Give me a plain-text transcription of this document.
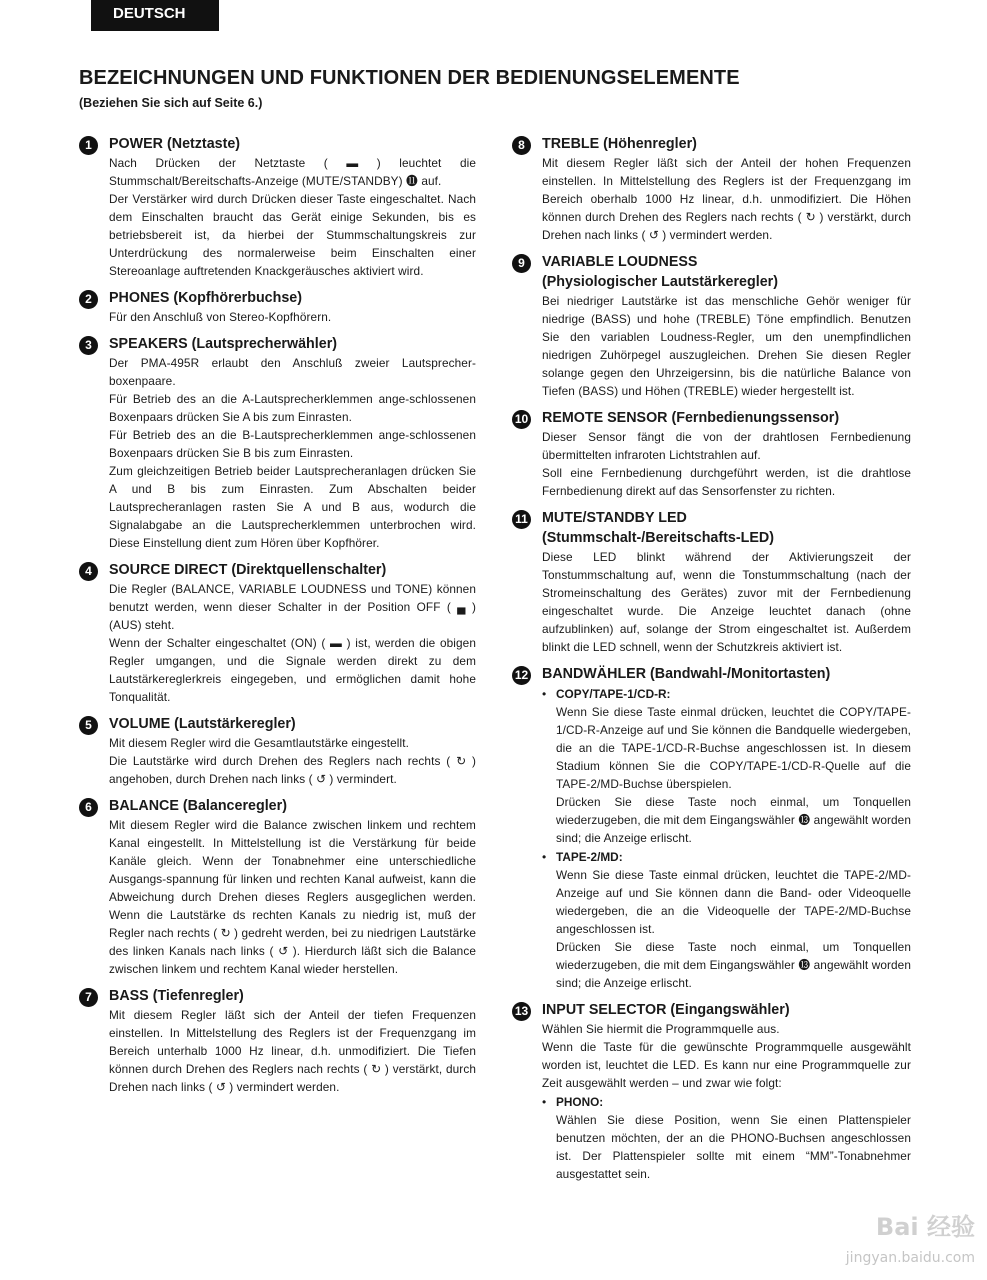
DEUTSCH
BEZEICHNUNGEN UND FUNKTIONEN DER BEDIENUNGSELEMENTE

(Beziehen Sie sich auf Seite 6.)

1	POWER (Netztaste)

Nach Drücken der Netztaste ( ▬ ) leuchtet die Stummschalt/Bereitschafts-Anzeige (MUTE/STANDBY) ⓫ auf.

Der Verstärker wird durch Drücken dieser Taste eingeschaltet. Nach dem Einschalten braucht das Gerät einige Sekunden, bis es betriebsbereit ist, da hierbei der Stummschaltungskreis zur Unterdrückung des normalerweise beim Einschalten einer Stereoanlage auftretenden Knackgeräusches aktiviert wird.

2	PHONES (Kopfhörerbuchse)

Für den Anschluß von Stereo-Kopfhörern.

3	SPEAKERS (Lautsprecherwähler)

Der PMA-495R erlaubt den Anschluß zweier Lautsprecher-boxenpaare.

Für Betrieb des an die A-Lautsprecherklemmen ange-schlossenen Boxenpaars drücken Sie A bis zum Einrasten.

Für Betrieb des an die B-Lautsprecherklemmen ange-schlossenen Boxenpaars drücken Sie B bis zum Einrasten.

Zum gleichzeitigen Betrieb beider Lautsprecheranlagen drücken Sie A und B bis zum Einrasten. Zum Abschalten beider Lautsprecheranlagen rasten Sie A und B aus, wodurch die Signalabgabe an die Lautsprecherklemmen unterbrochen wird. Diese Einstellung dient zum Hören über Kopfhörer.

4	SOURCE DIRECT (Direktquellenschalter)

Die Regler (BALANCE, VARIABLE LOUDNESS und TONE) können benutzt werden, wenn dieser Schalter in der Position OFF ( ▄ ) (AUS) steht.

Wenn der Schalter eingeschaltet (ON) ( ▬ ) ist, werden die obigen Regler umgangen, und die Signale werden direkt zu dem Lautstärkereglerkreis eingegeben, und ermöglichen damit hohe Tonqualität.

5	VOLUME (Lautstärkeregler)

Mit diesem Regler wird die Gesamtlautstärke eingestellt.

Die Lautstärke wird durch Drehen des Reglers nach rechts ( ↻ ) angehoben, durch Drehen nach links ( ↺ ) vermindert.

6	BALANCE (Balanceregler)

Mit diesem Regler wird die Balance zwischen linkem und rechtem Kanal eingestellt. In Mittelstellung ist die Verstärkung für beide Kanäle gleich. Wenn der Tonabnehmer eine unterschiedliche Ausgangs-spannung für linken und rechten Kanal aufweist, kann die Abweichung durch Drehen dieses Reglers ausgeglichen werden. Wenn die Lautstärke ds rechten Kanals zu niedrig ist, muß der Regler nach rechts ( ↻ ) gedreht werden, bei zu niedrigen Lautstärke des linken Kanals nach links ( ↺ ). Hierdurch läßt sich die Balance zwischen linkem und rechtem Kanal wieder herstellen.

7	BASS (Tiefenregler)

Mit diesem Regler läßt sich der Anteil der tiefen Frequenzen einstellen. In Mittelstellung des Reglers ist der Frequenzgang im Bereich unterhalb 1000 Hz linear, d.h. unmodifiziert. Die Tiefen können durch Drehen des Reglers nach rechts ( ↻ ) verstärkt, durch Drehen nach links ( ↺ ) vermindert werden.

8	TREBLE (Höhenregler)

Mit diesem Regler läßt sich der Anteil der hohen Frequenzen einstellen. In Mittelstellung des Reglers ist der Frequenzgang im Bereich oberhalb 1000 Hz linear, d.h. unmodifiziert. Die Höhen können durch Drehen des Reglers nach rechts ( ↻ ) verstärkt, durch Drehen nach links ( ↺ ) vermindert werden.

9	VARIABLE LOUDNESS
(Physiologischer Lautstärkeregler)

Bei niedriger Lautstärke ist das menschliche Gehör weniger für niedrige (BASS) und hohe (TREBLE) Töne empfindlich. Benutzen Sie den variablen Loudness-Regler, um den unempfindlichen niedrigen Zuhörpegel auszugleichen. Drehen Sie diesen Regler solange gegen den Uhrzeigersinn, bis die natürliche Balance von Tiefen (BASS) und Höhen (TREBLE) wieder hergestellt ist.

10 REMOTE SENSOR (Fernbedienungssensor)

Dieser Sensor fängt die von der drahtlosen Fernbedienung übermittelten infraroten Lichtstrahlen auf.

Soll eine Fernbedienung durchgeführt werden, ist die drahtlose Fernbedienung direkt auf das Sensorfenster zu richten.

11 MUTE/STANDBY LED
(Stummschalt-/Bereitschafts-LED)

Diese LED blinkt während der Aktivierungszeit der Tonstummschaltung auf, wenn die Tonstummschaltung (nach der Stromeinschaltung des Gerätes) zuvor mit der Fernbedienung eingeschaltet wurde. Die Anzeige leuchtet danach (ohne aufzublinken) auf, solange der Strom eingeschaltet ist. Außerdem blinkt die LED schnell, wenn der Schutzkreis aktiviert ist.

12 BANDWÄHLER (Bandwahl-/Monitortasten)
• COPY/TAPE-1/CD-R:

Wenn Sie diese Taste einmal drücken, leuchtet die COPY/TAPE-1/CD-R-Anzeige auf und Sie können die Bandquelle wiedergeben, die an die TAPE-1/CD-R-Buchse angeschlossen ist. In diesem Stadium können Sie die COPY/TAPE-1/CD-R-Quelle auf die TAPE-2/MD-Buchse überspielen.

Drücken Sie diese Taste noch einmal, um Tonquellen wiederzugeben, die mit dem Eingangswähler ⓭ angewählt worden sind; die Anzeige erlischt.

• TAPE-2/MD:

Wenn Sie diese Taste einmal drücken, leuchtet die TAPE-2/MD-Anzeige auf und Sie können dann die Band- oder Videoquelle wiedergeben, die an die Videoquelle der TAPE-2/MD-Buchse angeschlossen ist.

Drücken Sie diese Taste noch einmal, um Tonquellen wiederzugeben, die mit dem Eingangswähler ⓭ angewählt worden sind; die Anzeige erlischt.

13 INPUT SELECTOR (Eingangswähler)

Wählen Sie hiermit die Programmquelle aus.

Wenn die Taste für die gewünschte Programmquelle ausgewählt worden ist, leuchtet die LED. Es kann nur eine Programmquelle zur Zeit ausgewählt werden – und zwar wie folgt:

• PHONO:

Wählen Sie diese Position, wenn Sie einen Plattenspieler benutzen möchten, der an die PHONO-Buchsen angeschlossen ist. Der Plattenspieler sollte mit einem “MM”-Tonabnehmer ausgestattet sein.

Bai 经验
jingyan.baidu.com
